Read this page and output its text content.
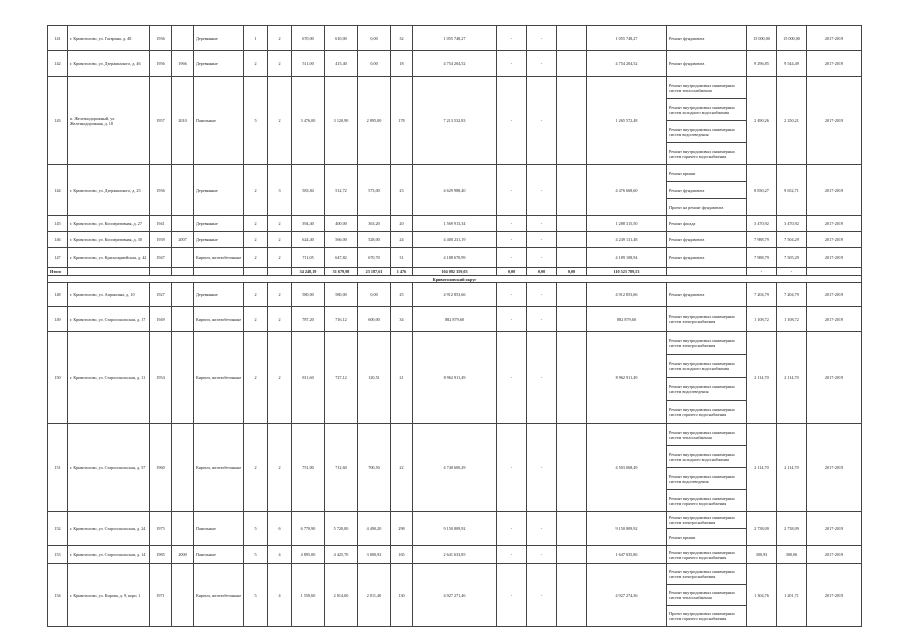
141	г. Кривотолово, ул. Гагарина, д. 48	1936		Деревянные	1	2	670,00	610,00	0,00	32	1 055 748,27	-	-		1 055 748,27	Ремонт фундамента	15 000,00	15 000,00	2017-2019
142	г. Кривотолово, ул. Дзержинского, д. 46	1956	1966	Деревянные	2	2	511,00	415,40	0,00	18	4 754 204,52	-	-		4 754 204,52	Ремонт фундамента	9 296,85	9 544,49	2017-2019
143	п. Железнодорожный, ул. Железнодорожная, д. 18	1957	2010	Панельные	5	2	3 476,00	3 120,90	2 895,00	178	7 213 532,83	-	-		1 265 572,48	Ремонт внутридомовых инженерных систем теплоснабжения
Ремонт внутридомовых инженерных систем холодного водоснабжения
Ремонт внутридомовых инженерных систем водоотведения
Ремонт внутридомовых инженерных систем горячего водоснабжения	2 490,26	2 250,21	2017-2019
144	г. Кривотолово, ул. Дзержинского, д. 25	1936		Деревянные	2	3	583,84	512,72	573,00	23	4 629 988,40	-	-		4 476 668,60	Ремонт крыши
Ремонт фундамента
Проект на ремонт фундамента	8 830,27	9 652,71	2017-2019
145	г. Кривотолово, ул. Кооперативная, д. 27	1941		Деревянные	2	2	394,40	400,00	363,20	20	1 569 913,34	-	-		1 288 315,50	Ремонт фасада	3 470,92	3 470,92	2017-2019
146	г. Кривотолово, ул. Кооперативная, д. 30	1939	2007	Деревянные	2	2	624,40	566,00	528,00	24	4 400 231,19	-	-		4 249 131,48	Ремонт фундамента	7 988,79	7 504,29	2017-2019
147	г. Кривотолово, ул. Красноармейская, д. 42	1947		Кирпич, железобетонные	2	2	711,05	647,82	670,70	31	4 188 670,99	-	-		4 189 108,94	Ремонт фундамента	7 988,79	7 505,29	2017-2019
Итого							34 248,19	31 679,98	23 187,61	1 476	104 082 359,03	0,00	0,00	0,00	110 523 789,53		-	-	
Кривотоловский округ																			
148	г. Кривотолово, ул. Апраксина, д. 10	1927		Деревянные	2	2	580,00	580,00	0,00	25	4 912 853,66	-	-		4 912 853,66	Ремонт фундамента	7 204,79	7 204,79	2017-2019
149	г. Кривотолово, ул. Старооскольская, д. 17	1949		Кирпич, железобетонные	2	2	787,20	716,12	600,00	34	882 879,60	-	-		882 879,60	Ремонт внутридомовых инженерных систем электроснабжения	1 108,72	1 108,72	2017-2019
150	г. Кривотолово, ул. Старооскольская, д. 11	1954		Кирпич, железобетонные	2	2	811,60	727,12	120,51	21	8 962 911,49	-	-		8 962 911,49	Ремонт внутридомовых инженерных систем электроснабжения
Ремонт внутридомовых инженерных систем холодного водоснабжения
Ремонт внутридомовых инженерных систем водоотведения
Ремонт внутридомовых инженерных систем горячего водоснабжения	2 114,70	2 114,70	2017-2019
151	г. Кривотолово, ул. Старооскольская, д. 57	1960		Кирпич, железобетонные	2	2	751,00	712,60	700,50	22	4 740 600,29	-	-		4 503 068,49	Ремонт внутридомовых инженерных систем теплоснабжения
Ремонт внутридомовых инженерных систем холодного водоснабжения
Ремонт внутридомовых инженерных систем водоотведения
Ремонт внутридомовых инженерных систем горячего водоснабжения	2 114,70	2 114,70	2017-2019
152	г. Кривотолово, ул. Старооскольская, д. 24	1975		Панельные	5	6	6 770,90	5 720,00	4 490,20	298	9 150 809,92	-	-		9 150 809,92	Ремонт внутридомовых инженерных систем электроснабжения
Ремонт крыши	2 738,09	2 738,09	2017-2019
153	г. Кривотолово, ул. Старооскольская, д. 14	1985	2000	Панельные	5	4	4 895,00	4 425,70	3 000,92	165	2 641 633,85	-	-		1 647 035,86	Ремонт внутридомовых инженерных систем горячего водоснабжения	300,93	300,06	2017-2019
154	г. Кривотолово, ул. Кирова, д. 9, корп. 1	1971		Кирпич, железобетонные	5	4	1 550,60	2 014,60	2 011,40	130	4 927 271,46	-	-		4 927 274,36	Ремонт внутридомовых инженерных систем электроснабжения
Ремонт внутридомовых инженерных систем теплоснабжения
Проект внутридомовых инженерных систем горячего водоснабжения	1 304,76	1 201,71	2017-2019
